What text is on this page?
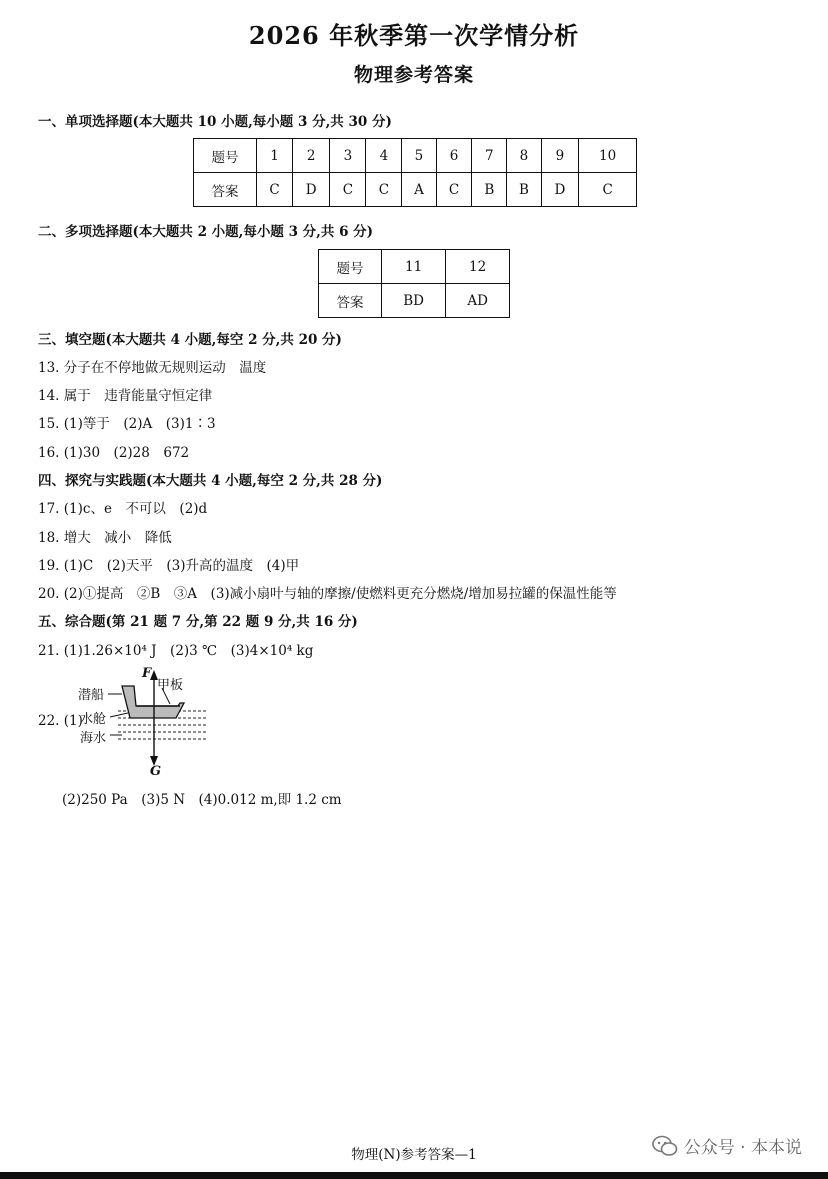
2026 年秋季第一次学情分析
物理参考答案
一、单项选择题(本大题共 10 小题,每小题 3 分,共 30 分)
题号	1	2	3	4	5	6	7	8	9	10
答案	C	D	C	C	A	C	B	B	D	C
二、多项选择题(本大题共 2 小题,每小题 3 分,共 6 分)
题号	11	12
答案	BD	AD
三、填空题(本大题共 4 小题,每空 2 分,共 20 分)
13. 分子在不停地做无规则运动　温度
14. 属于　违背能量守恒定律
15. (1)等于　(2)A　(3)1∶3
16. (1)30　(2)28　672
四、探究与实践题(本大题共 4 小题,每空 2 分,共 28 分)
17. (1)c、e　不可以　(2)d
18. 增大　减小　降低
19. (1)C　(2)天平　(3)升高的温度　(4)甲
20. (2)①提高　②B　③A　(3)减小扇叶与轴的摩擦/使燃料更充分燃烧/增加易拉罐的保温性能等
五、综合题(第 21 题 7 分,第 22 题 9 分,共 16 分)
21. (1)1.26×10⁴ J　(2)3 ℃　(3)4×10⁴ kg
22. (1)
F
甲板
潜船
水舱
海水
G
(2)250 Pa　(3)5 N　(4)0.012 m,即 1.2 cm
物理(N)参考答案—1	公众号 · 本本说
